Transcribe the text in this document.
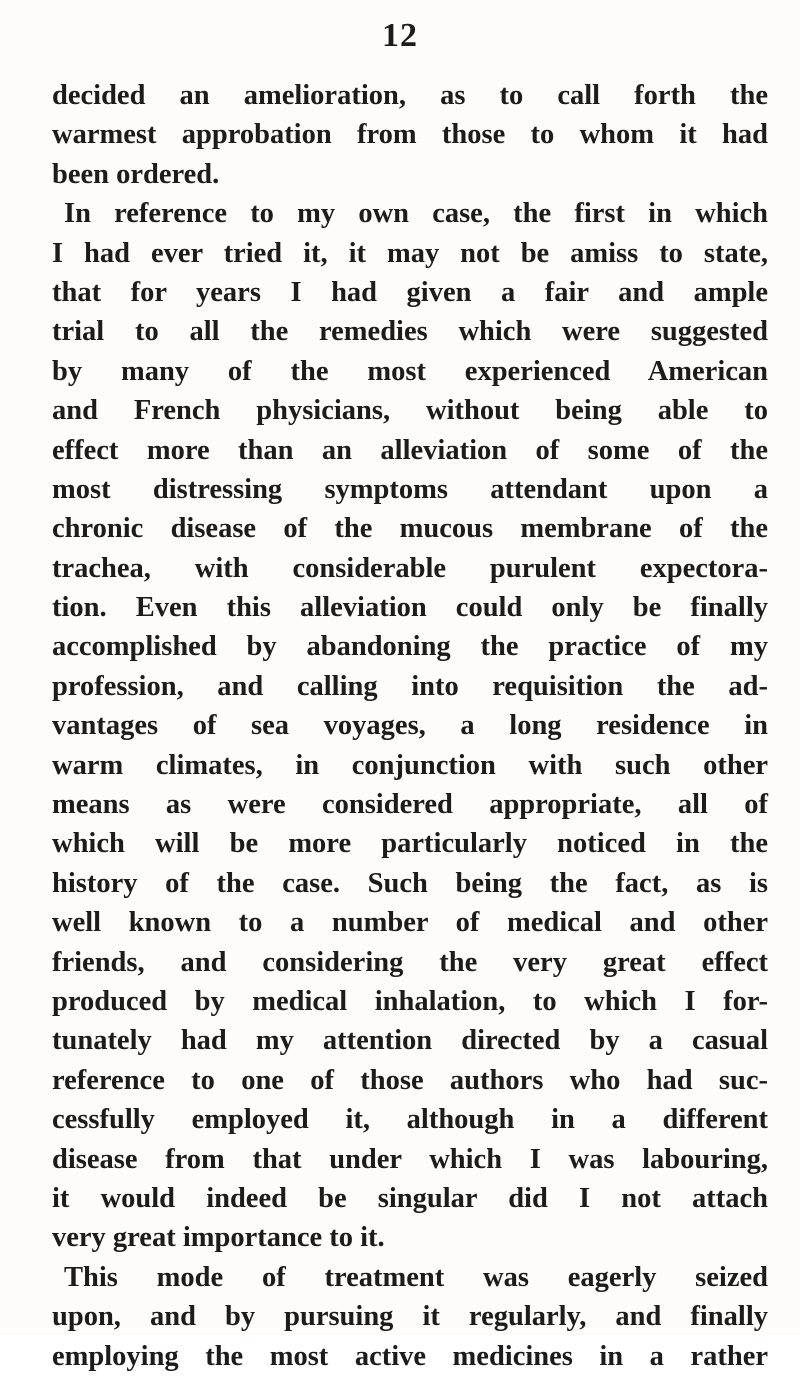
12
decided an amelioration, as to call forth the
warmest approbation from those to whom it had
been ordered.
In reference to my own case, the first in which
I had ever tried it, it may not be amiss to state,
that for years I had given a fair and ample
trial to all the remedies which were suggested
by many of the most experienced American
and French physicians, without being able to
effect more than an alleviation of some of the
most distressing symptoms attendant upon a
chronic disease of the mucous membrane of the
trachea, with considerable purulent expectora-
tion. Even this alleviation could only be finally
accomplished by abandoning the practice of my
profession, and calling into requisition the ad-
vantages of sea voyages, a long residence in
warm climates, in conjunction with such other
means as were considered appropriate, all of
which will be more particularly noticed in the
history of the case. Such being the fact, as is
well known to a number of medical and other
friends, and considering the very great effect
produced by medical inhalation, to which I for-
tunately had my attention directed by a casual
reference to one of those authors who had suc-
cessfully employed it, although in a different
disease from that under which I was labouring,
it would indeed be singular did I not attach
very great importance to it.
This mode of treatment was eagerly seized
upon, and by pursuing it regularly, and finally
employing the most active medicines in a rather
